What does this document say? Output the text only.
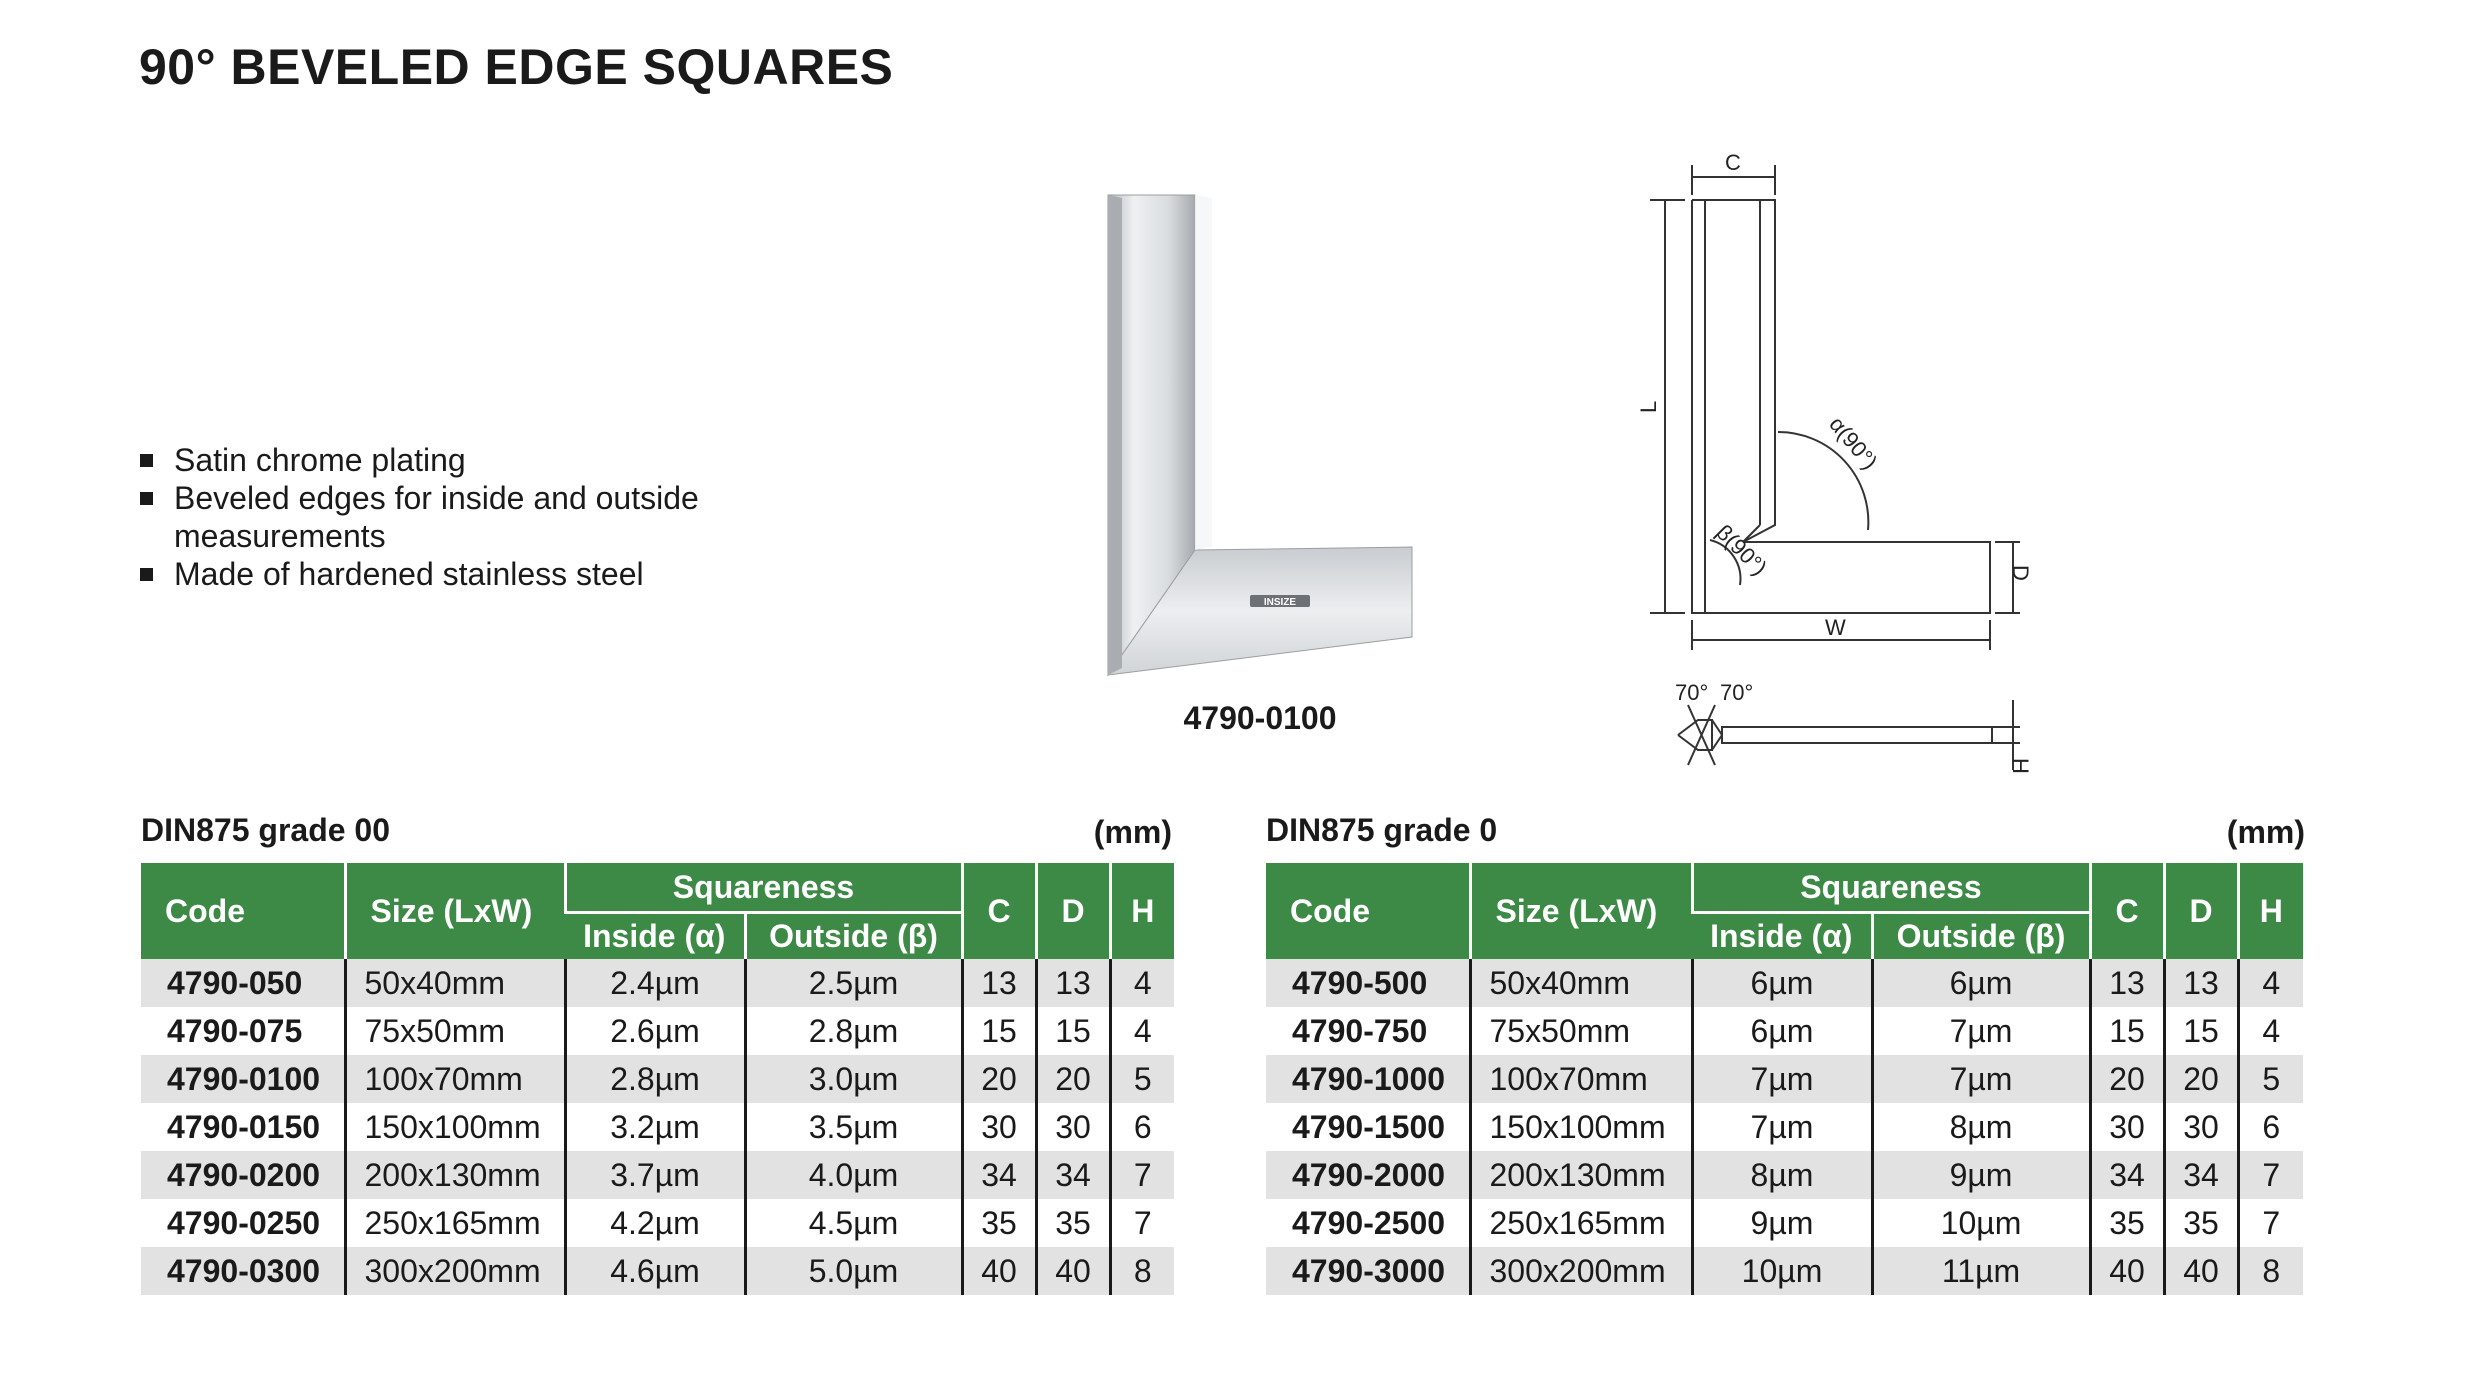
90° BEVELED EDGE SQUARES
Satin chrome plating
Beveled edges for inside and outside measurements
Made of hardened stainless steel
INSIZE
4790-0100
C
L
W
D
H
α(90°)
β(90°)
70° 70°
DIN875 grade 00	(mm)
Code	Size (LxW)	Squareness		C	D	H
		Inside (α)	Outside (β)			
4790-050	50x40mm	2.4µm	2.5µm	13	13	4
4790-075	75x50mm	2.6µm	2.8µm	15	15	4
4790-0100	100x70mm	2.8µm	3.0µm	20	20	5
4790-0150	150x100mm	3.2µm	3.5µm	30	30	6
4790-0200	200x130mm	3.7µm	4.0µm	34	34	7
4790-0250	250x165mm	4.2µm	4.5µm	35	35	7
4790-0300	300x200mm	4.6µm	5.0µm	40	40	8
DIN875 grade 0	(mm)
Code	Size (LxW)	Squareness		C	D	H
		Inside (α)	Outside (β)			
4790-500	50x40mm	6µm	6µm	13	13	4
4790-750	75x50mm	6µm	7µm	15	15	4
4790-1000	100x70mm	7µm	7µm	20	20	5
4790-1500	150x100mm	7µm	8µm	30	30	6
4790-2000	200x130mm	8µm	9µm	34	34	7
4790-2500	250x165mm	9µm	10µm	35	35	7
4790-3000	300x200mm	10µm	11µm	40	40	8
